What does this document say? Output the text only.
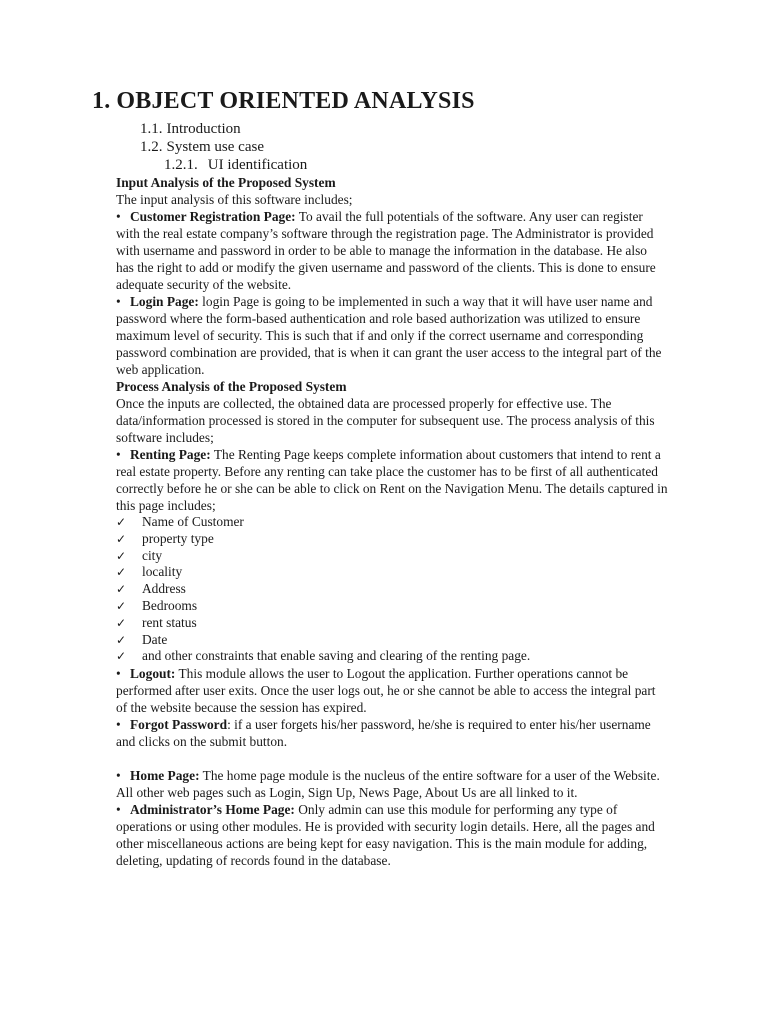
1. OBJECT ORIENTED ANALYSIS
1.1. Introduction
1.2. System use case
1.2.1. UI identification
Input Analysis of the Proposed System

The input analysis of this software includes;

• Customer Registration Page: To avail the full potentials of the software. Any user can register with the real estate company’s software through the registration page. The Administrator is provided with username and password in order to be able to manage the information in the database. He also has the right to add or modify the given username and password of the clients. This is done to ensure adequate security of the website.

• Login Page: login Page is going to be implemented in such a way that it will have user name and password where the form-based authentication and role based authorization was utilized to ensure maximum level of security. This is such that if and only if the correct username and corresponding password combination are provided, that is when it can grant the user access to the integral part of the web application.

Process Analysis of the Proposed System

Once the inputs are collected, the obtained data are processed properly for effective use. The data/information processed is stored in the computer for subsequent use. The process analysis of this software includes;

• Renting Page: The Renting Page keeps complete information about customers that intend to rent a real estate property. Before any renting can take place the customer has to be first of all authenticated correctly before he or she can be able to click on Rent on the Navigation Menu. The details captured in this page includes;

✓ Name of Customer
✓ property type
✓ city
✓ locality
✓ Address
✓ Bedrooms
✓ rent status
✓ Date
✓ and other constraints that enable saving and clearing of the renting page.

• Logout: This module allows the user to Logout the application. Further operations cannot be performed after user exits. Once the user logs out, he or she cannot be able to access the integral part of the website because the session has expired.

• Forgot Password: if a user forgets his/her password, he/she is required to enter his/her username and clicks on the submit button.

• Home Page: The home page module is the nucleus of the entire software for a user of the Website. All other web pages such as Login, Sign Up, News Page, About Us are all linked to it.

• Administrator’s Home Page: Only admin can use this module for performing any type of operations or using other modules. He is provided with security login details. Here, all the pages and other miscellaneous actions are being kept for easy navigation. This is the main module for adding, deleting, updating of records found in the database.
